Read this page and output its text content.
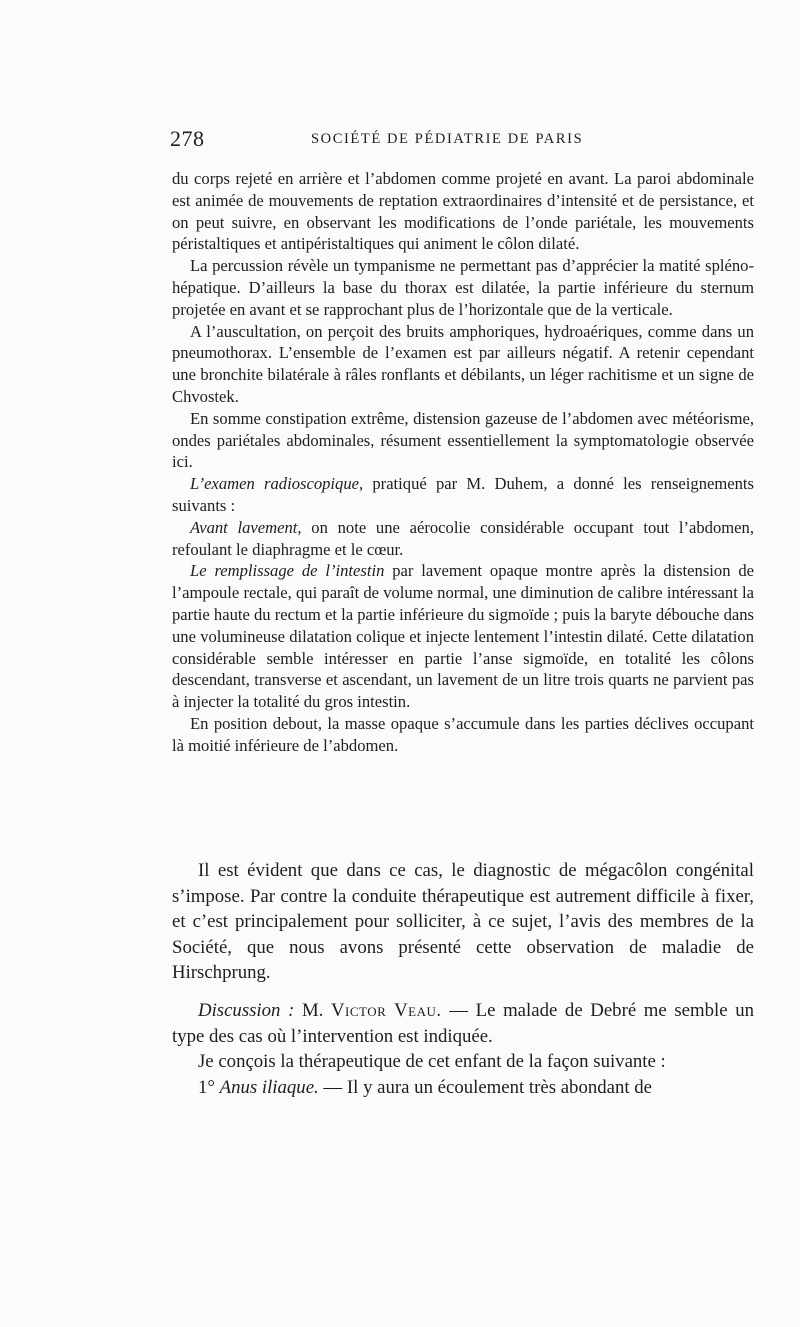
278	SOCIÉTÉ DE PÉDIATRIE DE PARIS

du corps rejeté en arrière et l’abdomen comme projeté en avant. La paroi abdominale est animée de mouvements de reptation extraordinaires d’intensité et de persistance, et on peut suivre, en observant les modifications de l’onde pariétale, les mouvements péristaltiques et antipéristaltiques qui animent le côlon dilaté.

La percussion révèle un tympanisme ne permettant pas d’apprécier la matité spléno-hépatique. D’ailleurs la base du thorax est dilatée, la partie inférieure du sternum projetée en avant et se rapprochant plus de l’horizontale que de la verticale.

A l’auscultation, on perçoit des bruits amphoriques, hydroaériques, comme dans un pneumothorax. L’ensemble de l’examen est par ailleurs négatif. A retenir cependant une bronchite bilatérale à râles ronflants et débilants, un léger rachitisme et un signe de Chvostek.

En somme constipation extrême, distension gazeuse de l’abdomen avec météorisme, ondes pariétales abdominales, résument essentiellement la symptomatologie observée ici.

L’examen radioscopique, pratiqué par M. Duhem, a donné les renseignements suivants :

Avant lavement, on note une aérocolie considérable occupant tout l’abdomen, refoulant le diaphragme et le cœur.

Le remplissage de l’intestin par lavement opaque montre après la distension de l’ampoule rectale, qui paraît de volume normal, une diminution de calibre intéressant la partie haute du rectum et la partie inférieure du sigmoïde ; puis la baryte débouche dans une volumineuse dilatation colique et injecte lentement l’intestin dilaté. Cette dilatation considérable semble intéresser en partie l’anse sigmoïde, en totalité les côlons descendant, transverse et ascendant, un lavement de un litre trois quarts ne parvient pas à injecter la totalité du gros intestin.

En position debout, la masse opaque s’accumule dans les parties déclives occupant là moitié inférieure de l’abdomen.

Il est évident que dans ce cas, le diagnostic de mégacôlon congénital s’impose. Par contre la conduite thérapeutique est autrement difficile à fixer, et c’est principalement pour solliciter, à ce sujet, l’avis des membres de la Société, que nous avons présenté cette observation de maladie de Hirschprung.

Discussion : M. Victor Veau. — Le malade de Debré me semble un type des cas où l’intervention est indiquée.

Je conçois la thérapeutique de cet enfant de la façon suivante :

1° Anus iliaque. — Il y aura un écoulement très abondant de
